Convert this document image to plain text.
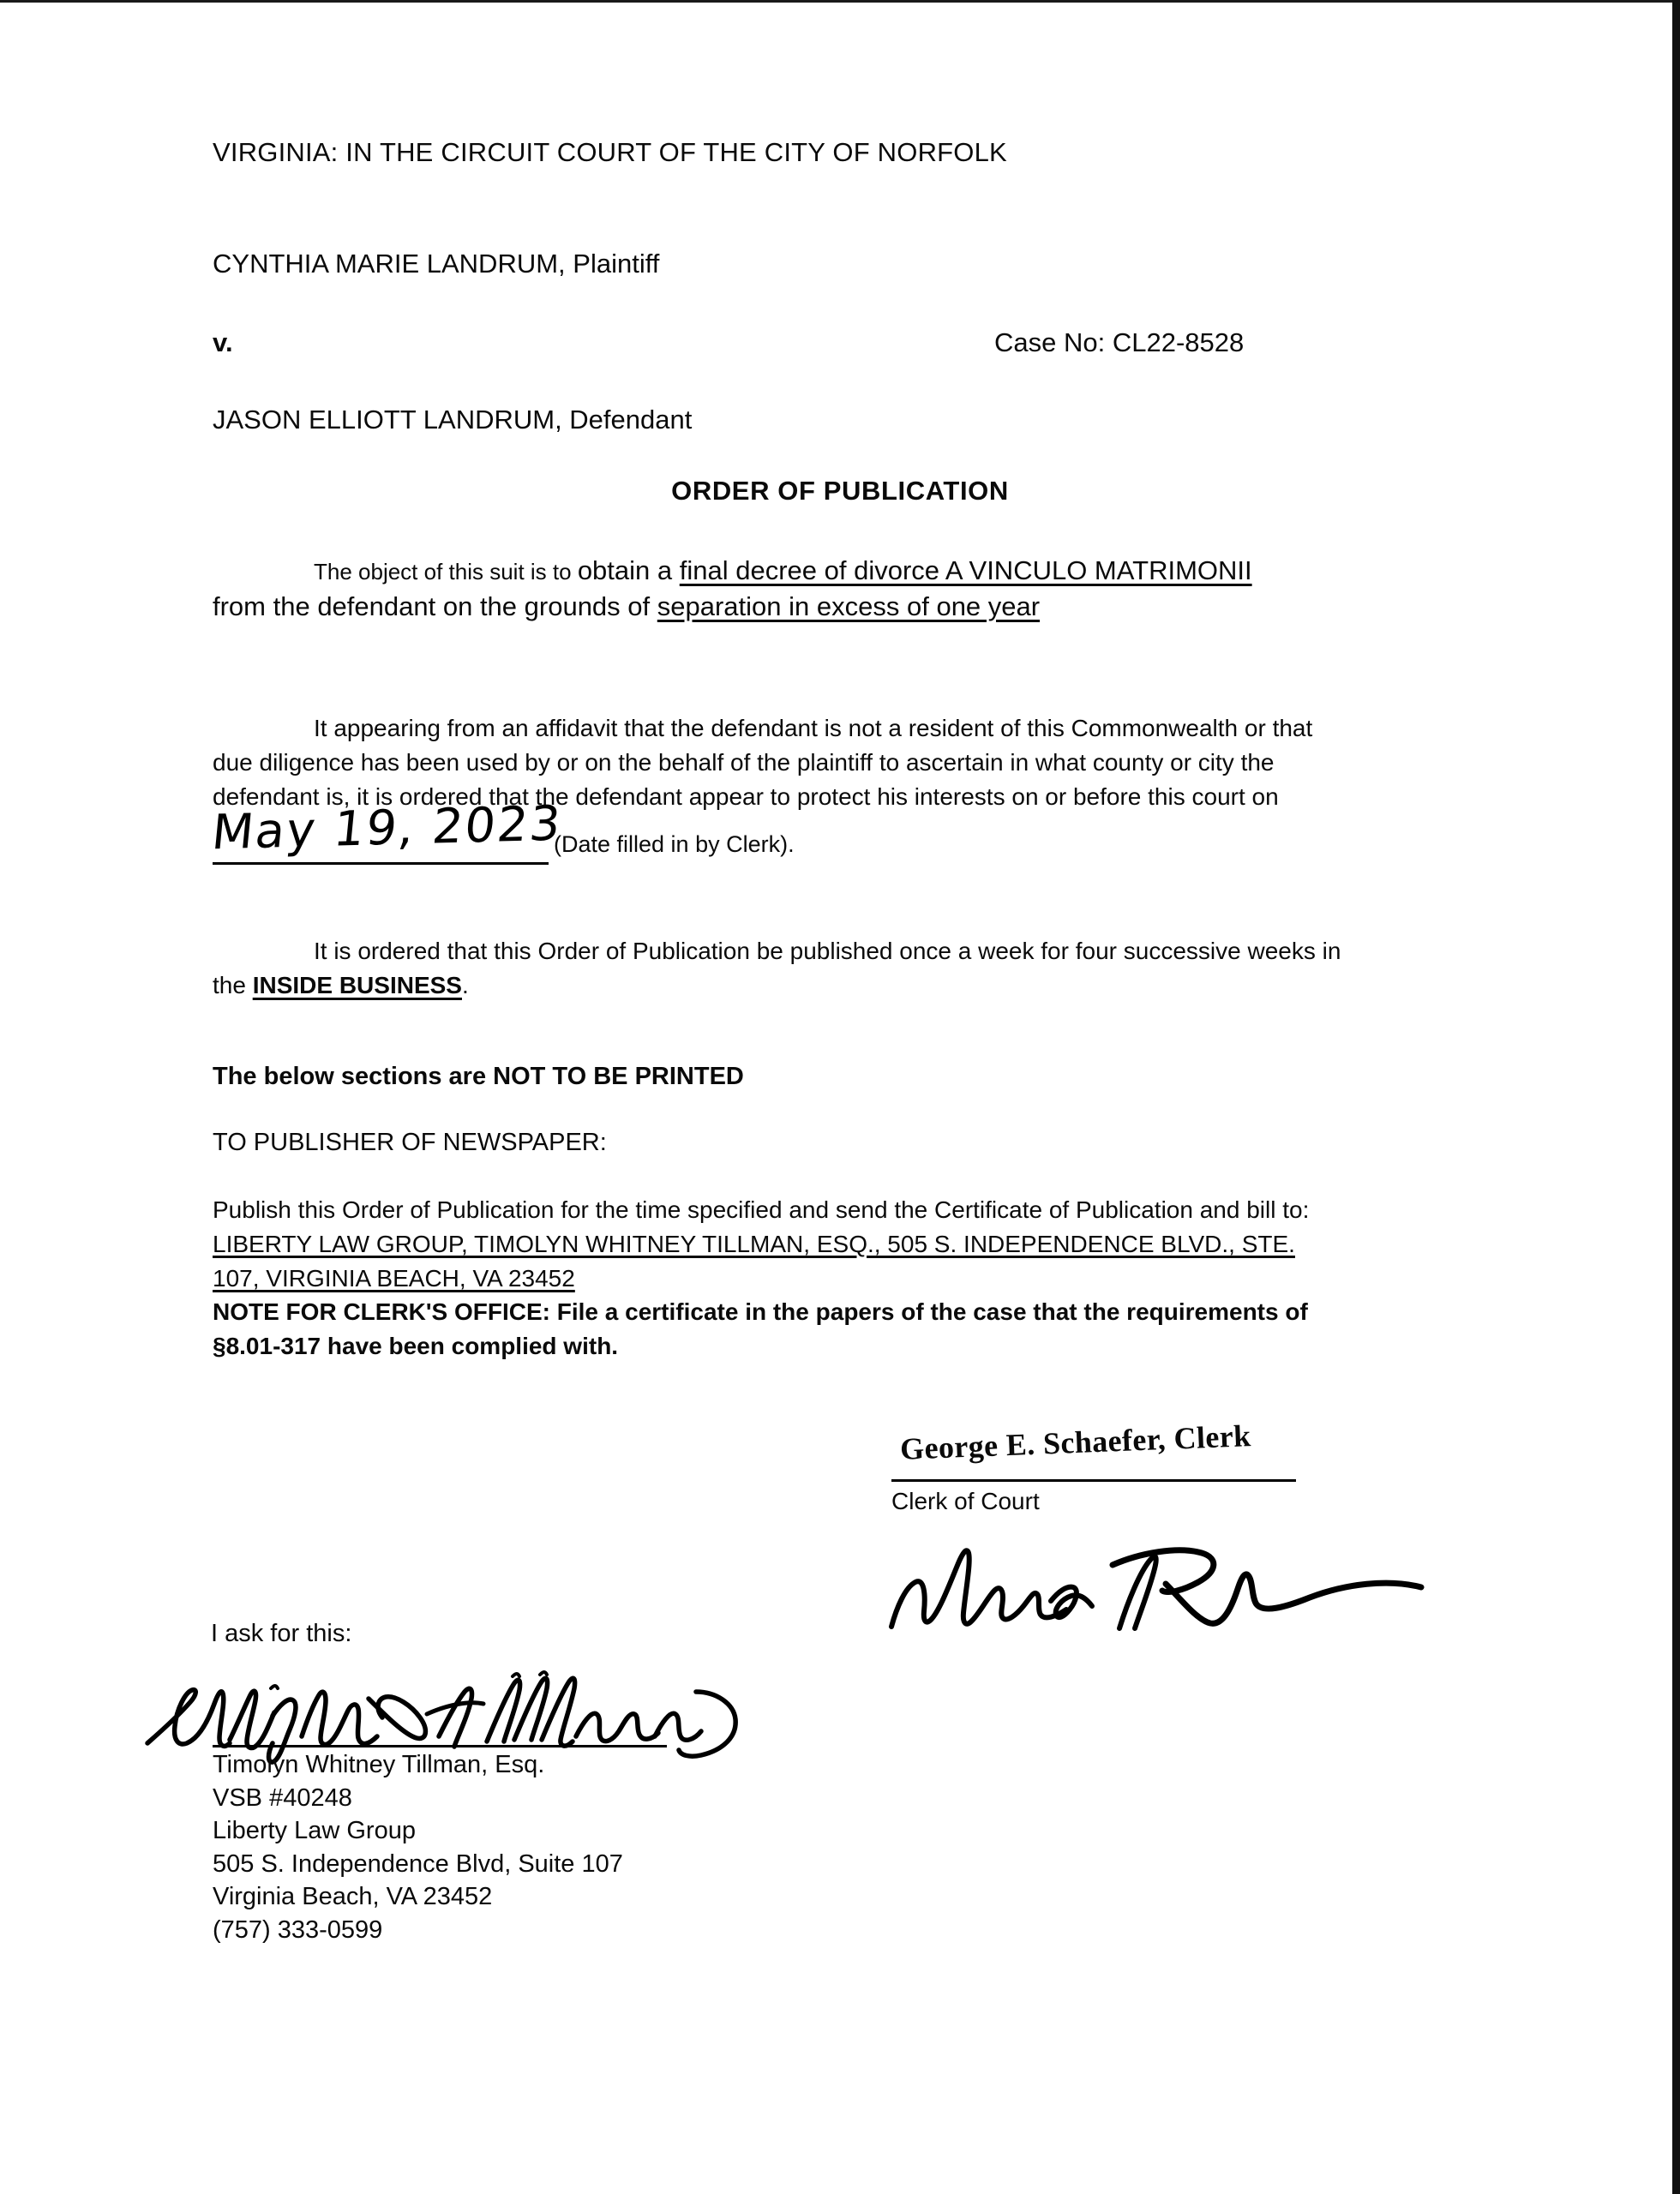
VIRGINIA: IN THE CIRCUIT COURT OF THE CITY OF NORFOLK
CYNTHIA MARIE LANDRUM, Plaintiff
v.	Case No: CL22-8528
JASON ELLIOTT LANDRUM, Defendant
ORDER OF PUBLICATION
The object of this suit is to obtain a final decree of divorce A VINCULO MATRIMONII
from the defendant on the grounds of separation in excess of one year
It appearing from an affidavit that the defendant is not a resident of this Commonwealth or that
due diligence has been used by or on the behalf of the plaintiff to ascertain in what county or city the
defendant is, it is ordered that the defendant appear to protect his interests on or before this court on
May 19, 2023
(Date filled in by Clerk).
It is ordered that this Order of Publication be published once a week for four successive weeks in
the INSIDE BUSINESS.
The below sections are NOT TO BE PRINTED
TO PUBLISHER OF NEWSPAPER:
Publish this Order of Publication for the time specified and send the Certificate of Publication and bill to:
LIBERTY LAW GROUP, TIMOLYN WHITNEY TILLMAN, ESQ., 505 S. INDEPENDENCE BLVD., STE.
107, VIRGINIA BEACH, VA 23452
NOTE FOR CLERK'S OFFICE: File a certificate in the papers of the case that the requirements of
§8.01-317 have been complied with.
George E. Schaefer, Clerk
Clerk of Court
I ask for this:
Timolyn Whitney Tillman, Esq.
VSB #40248
Liberty Law Group
505 S. Independence Blvd, Suite 107
Virginia Beach, VA 23452
(757) 333-0599
